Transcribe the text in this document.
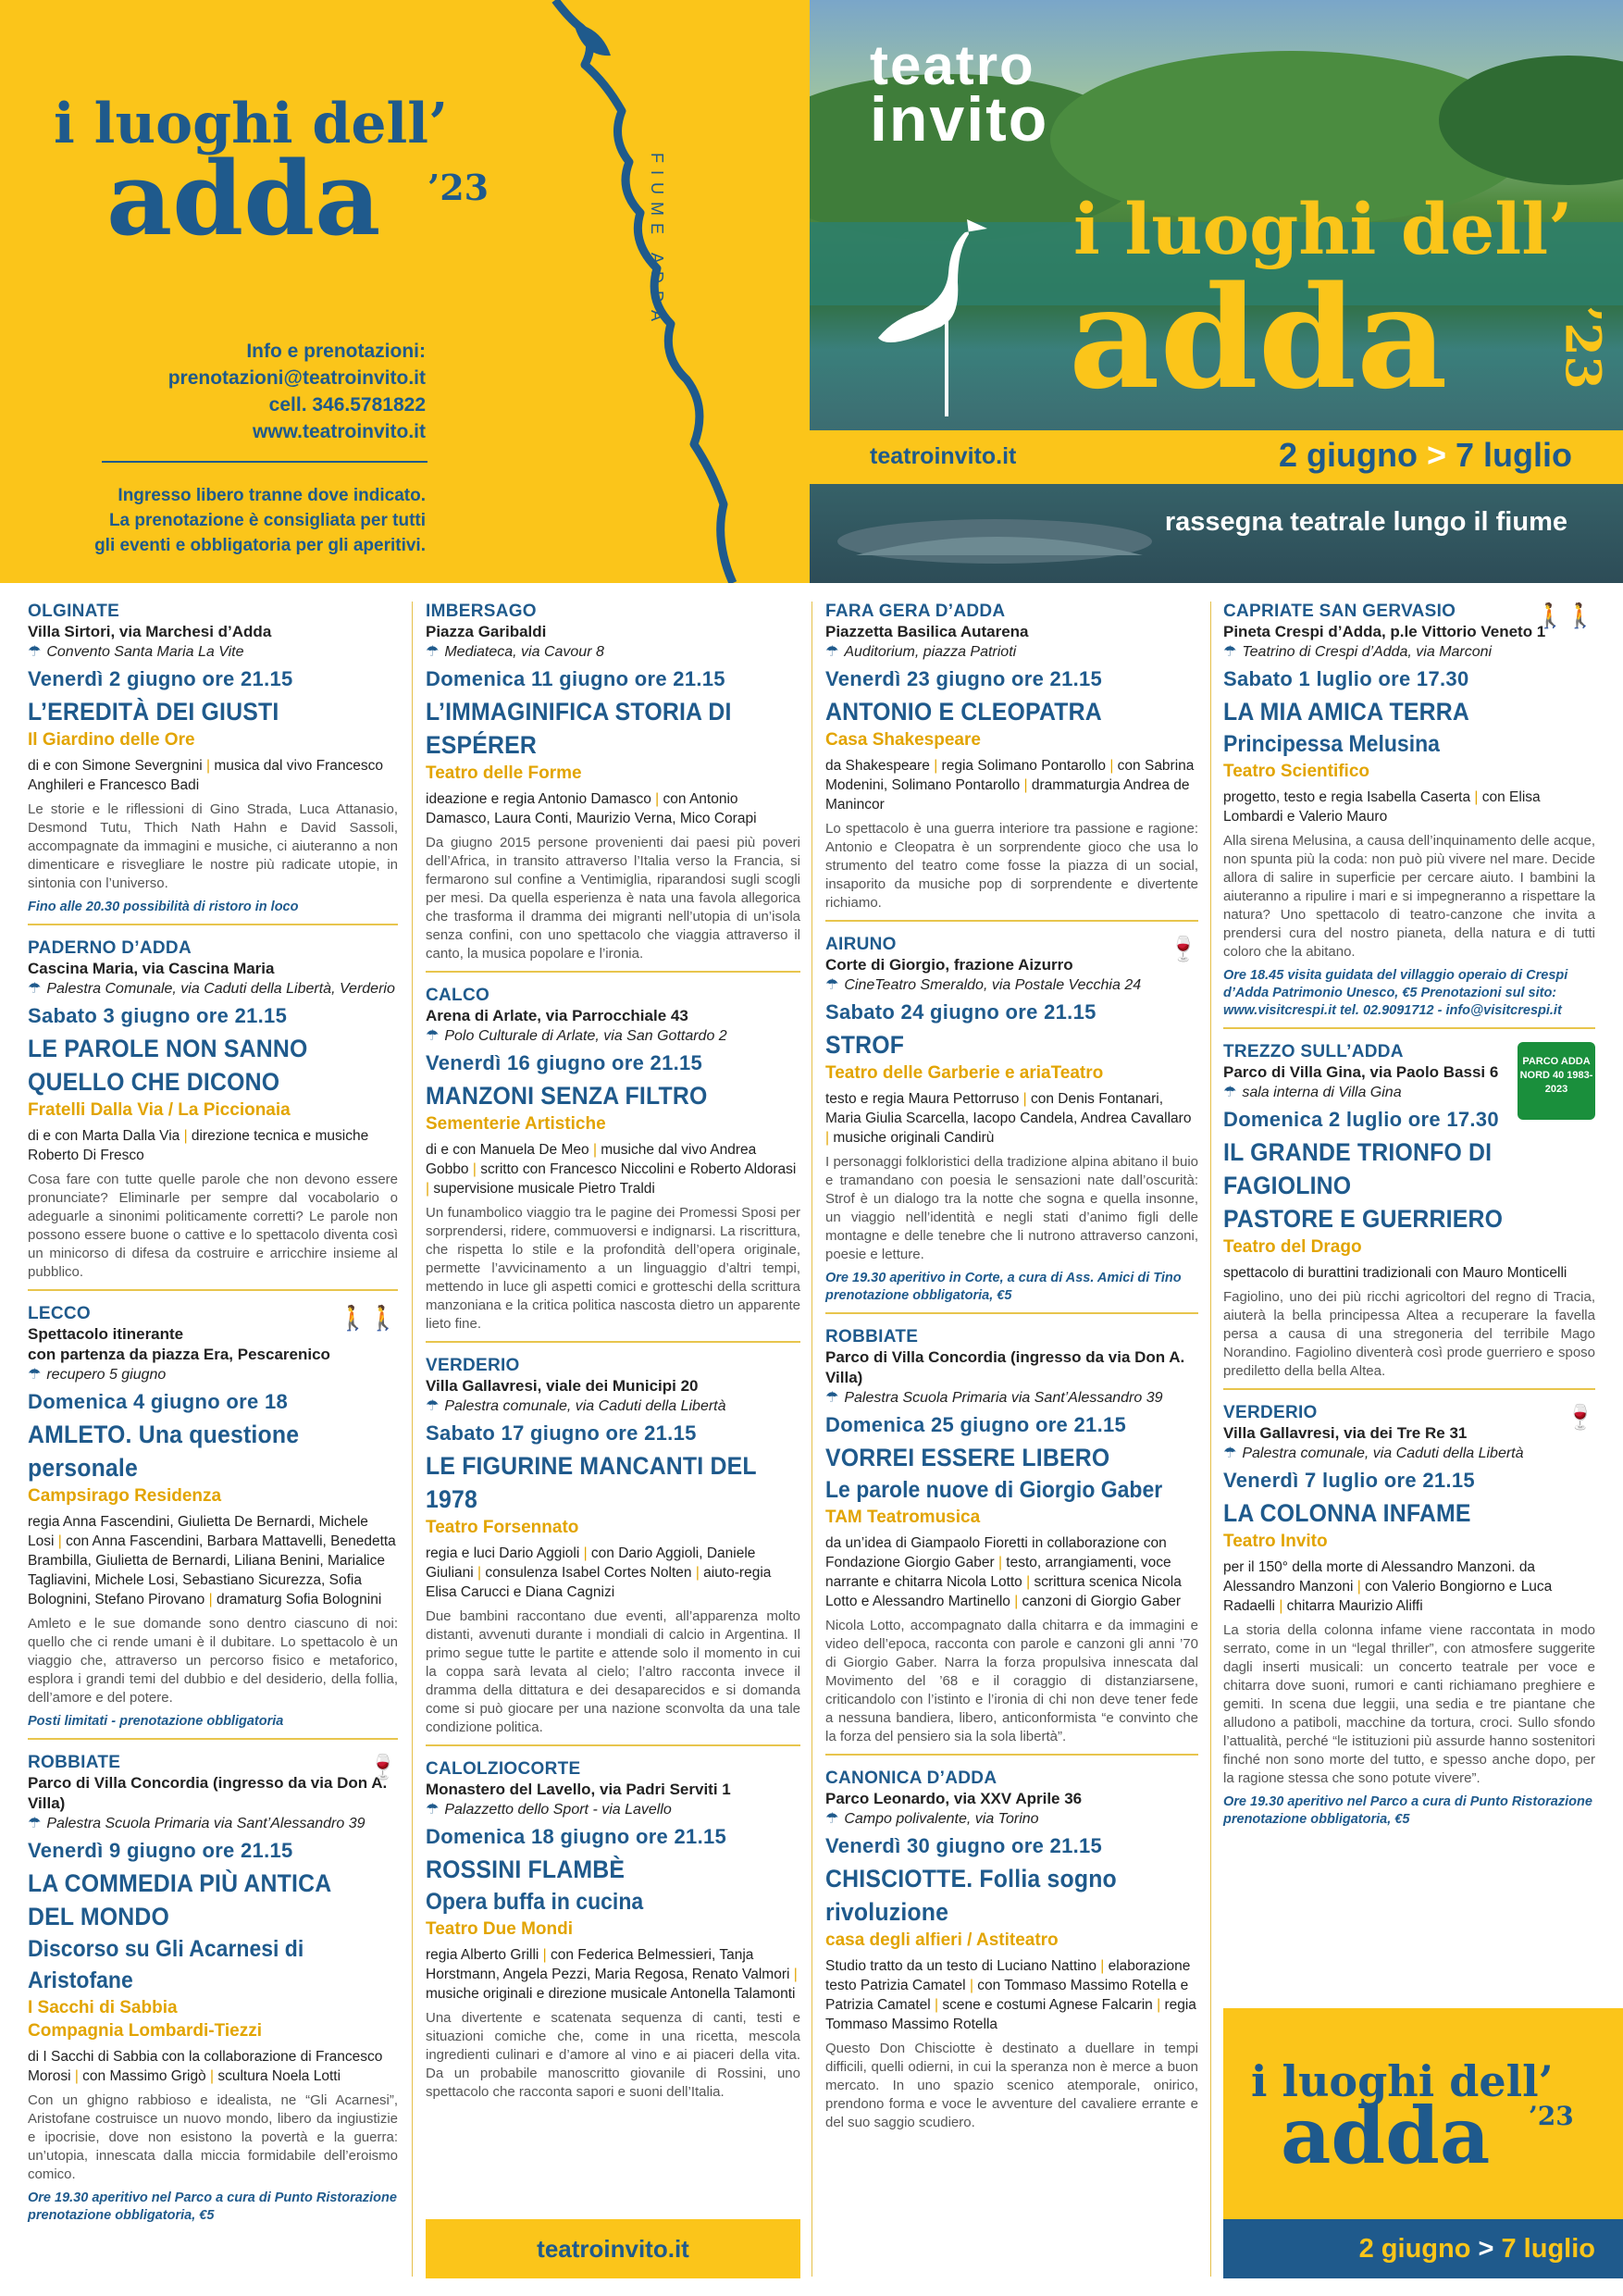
FIUME ADDA
i luoghi dell’
adda ’23
Info e prenotazioni:
prenotazioni@teatroinvito.it
cell. 346.5781822
www.teatroinvito.it
Ingresso libero tranne dove indicato.
La prenotazione è consigliata per tutti
gli eventi e obbligatoria per gli aperitivi.
teatro
invito
i luoghi dell’
adda ’23
teatroinvito.it	2 giugno > 7 luglio
rassegna teatrale lungo il fiume
OLGINATE
Villa Sirtori, via Marchesi d’Adda
☂ Convento Santa Maria La Vite
Venerdì 2 giugno ore 21.15
L’EREDITÀ DEI GIUSTI
Il Giardino delle Ore
di e con Simone Severgnini | musica dal vivo Francesco Anghileri e Francesco Badi
Le storie e le riflessioni di Gino Strada, Luca Attanasio, Desmond Tutu, Thich Nath Hahn e David Sassoli, accompagnate da immagini e musiche, ci aiuteranno a non dimenticare e risvegliare le nostre più radicate utopie, in sintonia con l’universo.
Fino alle 20.30 possibilità di ristoro in loco
PADERNO D’ADDA
Cascina Maria, via Cascina Maria
☂ Palestra Comunale, via Caduti della Libertà, Verderio
Sabato 3 giugno ore 21.15
LE PAROLE NON SANNO
QUELLO CHE DICONO
Fratelli Dalla Via / La Piccionaia
di e con Marta Dalla Via | direzione tecnica e musiche Roberto Di Fresco
Cosa fare con tutte quelle parole che non devono essere pronunciate? Eliminarle per sempre dal vocabolario o adeguarle a sinonimi politicamente corretti? Le parole non possono essere buone o cattive e lo spettacolo diventa così un minicorso di difesa da costruire e arricchire insieme al pubblico.
🚶🚶
LECCO
Spettacolo itinerante
con partenza da piazza Era, Pescarenico
☂ recupero 5 giugno
Domenica 4 giugno ore 18
AMLETO. Una questione personale
Campsirago Residenza
regia Anna Fascendini, Giulietta De Bernardi, Michele Losi | con Anna Fascendini, Barbara Mattavelli, Benedetta Brambilla, Giulietta de Bernardi, Liliana Benini, Marialice Tagliavini, Michele Losi, Sebastiano Sicurezza, Sofia Bolognini, Stefano Pirovano | dramaturg Sofia Bolognini
Amleto e le sue domande sono dentro ciascuno di noi: quello che ci rende umani è il dubitare. Lo spettacolo è un viaggio che, attraverso un percorso fisico e metaforico, esplora i grandi temi del dubbio e del desiderio, della follia, dell’amore e del potere.
Posti limitati - prenotazione obbligatoria
🍷
ROBBIATE
Parco di Villa Concordia (ingresso da via Don A. Villa)
☂ Palestra Scuola Primaria via Sant’Alessandro 39
Venerdì 9 giugno ore 21.15
LA COMMEDIA PIÙ ANTICA DEL MONDO
Discorso su Gli Acarnesi di Aristofane
I Sacchi di Sabbia
Compagnia Lombardi-Tiezzi
di I Sacchi di Sabbia con la collaborazione di Francesco Morosi | con Massimo Grigò | scultura Noela Lotti
Con un ghigno rabbioso e idealista, ne “Gli Acarnesi”, Aristofane costruisce un nuovo mondo, libero da ingiustizie e ipocrisie, dove non esistono la povertà e la guerra: un’utopia, innescata dalla miccia formidabile dell’eroismo comico.
Ore 19.30 aperitivo nel Parco a cura di Punto Ristorazione prenotazione obbligatoria, €5
IMBERSAGO
Piazza Garibaldi
☂ Mediateca, via Cavour 8
Domenica 11 giugno ore 21.15
L’IMMAGINIFICA STORIA DI ESPÉRER
Teatro delle Forme
ideazione e regia Antonio Damasco | con Antonio Damasco, Laura Conti, Maurizio Verna, Mico Corapi
Da giugno 2015 persone provenienti dai paesi più poveri dell’Africa, in transito attraverso l’Italia verso la Francia, si fermarono sul confine a Ventimiglia, riparandosi sugli scogli per mesi. Da quella esperienza è nata una favola allegorica che trasforma il dramma dei migranti nell’utopia di un’isola senza confini, con uno spettacolo che viaggia attraverso il canto, la musica popolare e l’ironia.
CALCO
Arena di Arlate, via Parrocchiale 43
☂ Polo Culturale di Arlate, via San Gottardo 2
Venerdì 16 giugno ore 21.15
MANZONI SENZA FILTRO
Sementerie Artistiche
di e con Manuela De Meo | musiche dal vivo Andrea Gobbo | scritto con Francesco Niccolini e Roberto Aldorasi | supervisione musicale Pietro Traldi
Un funambolico viaggio tra le pagine dei Promessi Sposi per sorprendersi, ridere, commuoversi e indignarsi. La riscrittura, che rispetta lo stile e la profondità dell’opera originale, permette l’avvicinamento a un linguaggio d’altri tempi, mettendo in luce gli aspetti comici e grotteschi della scrittura manzoniana e la critica politica nascosta dietro un apparente lieto fine.
VERDERIO
Villa Gallavresi, viale dei Municipi 20
☂ Palestra comunale, via Caduti della Libertà
Sabato 17 giugno ore 21.15
LE FIGURINE MANCANTI DEL 1978
Teatro Forsennato
regia e luci Dario Aggioli | con Dario Aggioli, Daniele Giuliani | consulenza Isabel Cortes Nolten | aiuto-regia Elisa Carucci e Diana Cagnizi
Due bambini raccontano due eventi, all’apparenza molto distanti, avvenuti durante i mondiali di calcio in Argentina. Il primo segue tutte le partite e attende solo il momento in cui la coppa sarà levata al cielo; l’altro racconta invece il dramma della dittatura e dei desaparecidos e si domanda come si può giocare per una nazione sconvolta da una tale condizione politica.
CALOLZIOCORTE
Monastero del Lavello, via Padri Serviti 1
☂ Palazzetto dello Sport - via Lavello
Domenica 18 giugno ore 21.15
ROSSINI FLAMBÈ
Opera buffa in cucina
Teatro Due Mondi
regia Alberto Grilli | con Federica Belmessieri, Tanja Horstmann, Angela Pezzi, Maria Regosa, Renato Valmori | musiche originali e direzione musicale Antonella Talamonti
Una divertente e scatenata sequenza di canti, testi e situazioni comiche che, come in una ricetta, mescola ingredienti culinari e d’amore al vino e ai piaceri della vita. Da un probabile manoscritto giovanile di Rossini, uno spettacolo che racconta sapori e suoni dell’Italia.
FARA GERA D’ADDA
Piazzetta Basilica Autarena
☂ Auditorium, piazza Patrioti
Venerdì 23 giugno ore 21.15
ANTONIO E CLEOPATRA
Casa Shakespeare
da Shakespeare | regia Solimano Pontarollo | con Sabrina Modenini, Solimano Pontarollo | drammaturgia Andrea de Manincor
Lo spettacolo è una guerra interiore tra passione e ragione: Antonio e Cleopatra è un sorprendente gioco che usa lo strumento del teatro come fosse la piazza di un social, insaporito da musiche pop di sorprendente e divertente richiamo.
🍷
AIRUNO
Corte di Giorgio, frazione Aizurro
☂ CineTeatro Smeraldo, via Postale Vecchia 24
Sabato 24 giugno ore 21.15
STROF
Teatro delle Garberie e ariaTeatro
testo e regia Maura Pettorruso | con Denis Fontanari, Maria Giulia Scarcella, Iacopo Candela, Andrea Cavallaro | musiche originali Candirù
I personaggi folkloristici della tradizione alpina abitano il buio e tramandano con poesia le sensazioni nate dall’oscurità: Strof è un dialogo tra la notte che sogna e quella insonne, un viaggio nell’identità e negli stati d’animo figli delle montagne e delle tenebre che li nutrono attraverso canzoni, poesie e letture.
Ore 19.30 aperitivo in Corte, a cura di Ass. Amici di Tino prenotazione obbligatoria, €5
ROBBIATE
Parco di Villa Concordia (ingresso da via Don A. Villa)
☂ Palestra Scuola Primaria via Sant’Alessandro 39
Domenica 25 giugno ore 21.15
VORREI ESSERE LIBERO
Le parole nuove di Giorgio Gaber
TAM Teatromusica
da un’idea di Giampaolo Fioretti in collaborazione con Fondazione Giorgio Gaber | testo, arrangiamenti, voce narrante e chitarra Nicola Lotto | scrittura scenica Nicola Lotto e Alessandro Martinello | canzoni di Giorgio Gaber
Nicola Lotto, accompagnato dalla chitarra e da immagini e video dell’epoca, racconta con parole e canzoni gli anni ’70 di Giorgio Gaber. Narra la forza propulsiva innescata dal Movimento del ’68 e il coraggio di distanziarsene, criticandolo con l’istinto e l’ironia di chi non deve tener fede a nessuna bandiera, libero, anticonformista “e convinto che la forza del pensiero sia la sola libertà”.
CANONICA D’ADDA
Parco Leonardo, via XXV Aprile 36
☂ Campo polivalente, via Torino
Venerdì 30 giugno ore 21.15
CHISCIOTTE. Follia sogno rivoluzione
casa degli alfieri / Astiteatro
Studio tratto da un testo di Luciano Nattino | elaborazione testo Patrizia Camatel | con Tommaso Massimo Rotella e Patrizia Camatel | scene e costumi Agnese Falcarin | regia Tommaso Massimo Rotella
Questo Don Chisciotte è destinato a duellare in tempi difficili, quelli odierni, in cui la speranza non è merce a buon mercato. In uno spazio scenico atemporale, onirico, prendono forma e voce le avventure del cavaliere errante e del suo saggio scudiero.
🚶🚶
CAPRIATE SAN GERVASIO
Pineta Crespi d’Adda, p.le Vittorio Veneto 1
☂ Teatrino di Crespi d’Adda, via Marconi
Sabato 1 luglio ore 17.30
LA MIA AMICA TERRA
Principessa Melusina
Teatro Scientifico
progetto, testo e regia Isabella Caserta | con Elisa Lombardi e Valerio Mauro
Alla sirena Melusina, a causa dell’inquinamento delle acque, non spunta più la coda: non può più vivere nel mare. Decide allora di salire in superficie per cercare aiuto. I bambini la aiuteranno a ripulire i mari e si impegneranno a rispettare la natura? Uno spettacolo di teatro-canzone che invita a prendersi cura del nostro pianeta, della natura e di tutti coloro che la abitano.
Ore 18.45 visita guidata del villaggio operaio di Crespi d’Adda Patrimonio Unesco, €5 Prenotazioni sul sito: www.visitcrespi.it tel. 02.9091712 - info@visitcrespi.it
PARCO ADDA NORD 40 1983-2023
TREZZO SULL’ADDA
Parco di Villa Gina, via Paolo Bassi 6
☂ sala interna di Villa Gina
Domenica 2 luglio ore 17.30
IL GRANDE TRIONFO DI FAGIOLINO
PASTORE E GUERRIERO
Teatro del Drago
spettacolo di burattini tradizionali con Mauro Monticelli
Fagiolino, uno dei più ricchi agricoltori del regno di Tracia, aiuterà la bella principessa Altea a recuperare la favella persa a causa di una stregoneria del terribile Mago Norandino. Fagiolino diventerà così prode guerriero e sposo prediletto della bella Altea.
🍷
VERDERIO
Villa Gallavresi, via dei Tre Re 31
☂ Palestra comunale, via Caduti della Libertà
Venerdì 7 luglio ore 21.15
LA COLONNA INFAME
Teatro Invito
per il 150° della morte di Alessandro Manzoni. da Alessandro Manzoni | con Valerio Bongiorno e Luca Radaelli | chitarra Maurizio Aliffi
La storia della colonna infame viene raccontata in modo serrato, come in un “legal thriller”, con atmosfere suggerite dagli inserti musicali: un concerto teatrale per voce e chitarra dove suoni, rumori e canti richiamano preghiere e gemiti. In scena due leggii, una sedia e tre piantane che alludono a patiboli, macchine da tortura, croci. Sullo sfondo l’attualità, perché “le istituzioni più assurde hanno sostenitori finché non sono morte del tutto, e spesso anche dopo, per la ragione stessa che sono potute vivere”.
Ore 19.30 aperitivo nel Parco a cura di Punto Ristorazione prenotazione obbligatoria, €5
teatroinvito.it
i luoghi dell’
adda ’23
2 giugno > 7 luglio
